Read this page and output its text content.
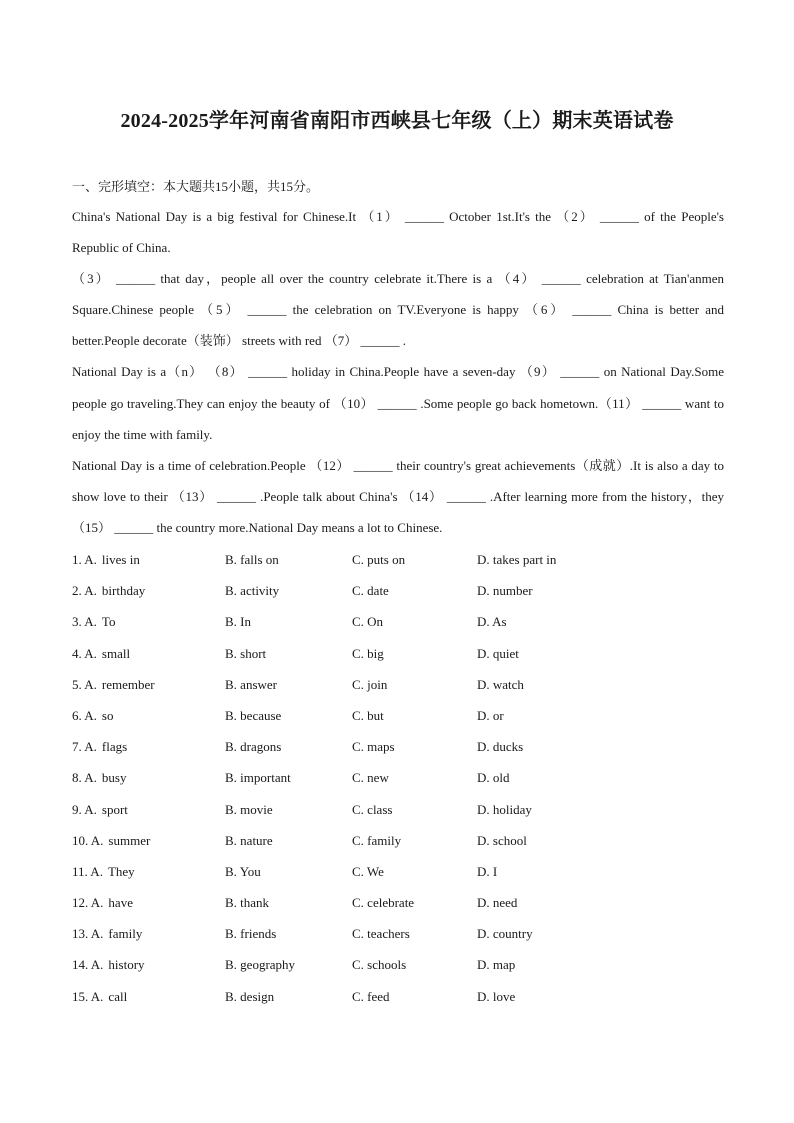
2024-2025学年河南省南阳市西峡县七年级（上）期末英语试卷
一、完形填空：本大题共15小题，共15分。

China's National Day is a big festival for Chinese.It （1） ______ October 1st.It's the （2） ______ of the People's Republic of China.

（3） ______ that day，people all over the country celebrate it.There is a （4） ______ celebration at Tian'anmen Square.Chinese people （5） ______ the celebration on TV.Everyone is happy （6） ______ China is better and better.People decorate（装饰） streets with red （7） ______ .

National Day is a（n） （8） ______ holiday in China.People have a seven-day （9） ______ on National Day.Some people go traveling.They can enjoy the beauty of （10） ______ .Some people go back hometown.（11） ______ want to enjoy the time with family.

National Day is a time of celebration.People （12） ______ their country's great achievements（成就）.It is also a day to show love to their （13） ______ .People talk about China's （14） ______ .After learning more from the history，they （15） ______ the country more.National Day means a lot to Chinese.

1. A. lives in	B. falls on	C. puts on	D. takes part in
2. A. birthday	B. activity	C. date	D. number
3. A. To	B. In	C. On	D. As
4. A. small	B. short	C. big	D. quiet
5. A. remember	B. answer	C. join	D. watch
6. A. so	B. because	C. but	D. or
7. A. flags	B. dragons	C. maps	D. ducks
8. A. busy	B. important	C. new	D. old
9. A. sport	B. movie	C. class	D. holiday
10. A. summer	B. nature	C. family	D. school
11. A. They	B. You	C. We	D. I
12. A. have	B. thank	C. celebrate	D. need
13. A. family	B. friends	C. teachers	D. country
14. A. history	B. geography	C. schools	D. map
15. A. call	B. design	C. feed	D. love
